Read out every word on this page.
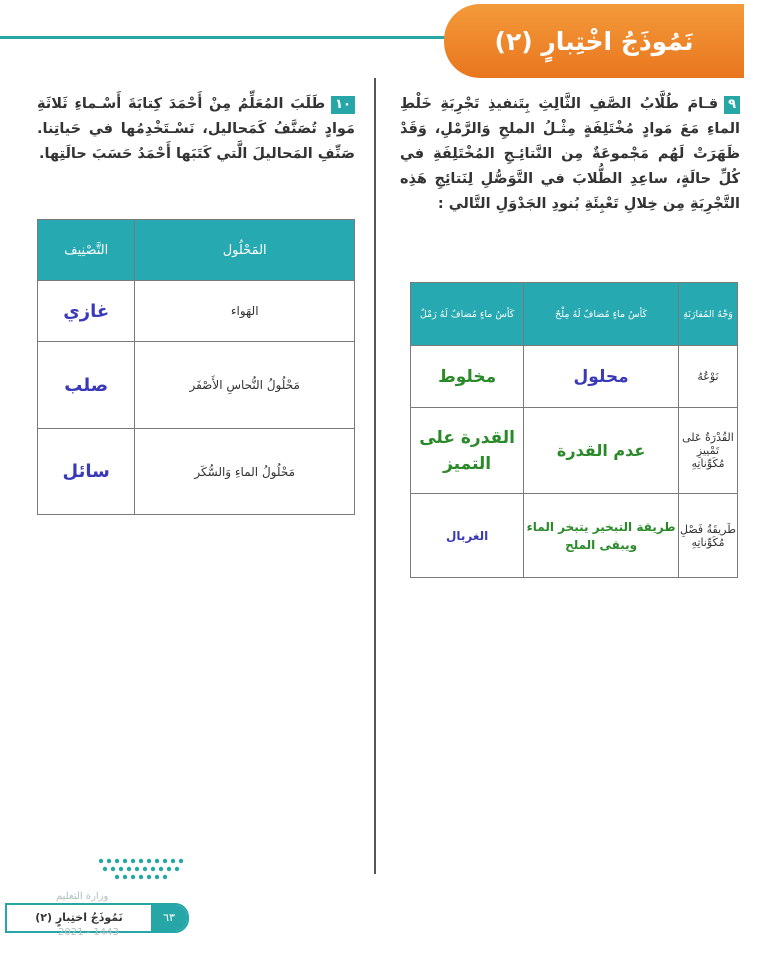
نَمُوذَجُ اخْتِبارٍ (٢)
٩قـامَ طُلَّابُ الصَّفِ الثَّالِثِ بِتَنفيذِ تَجْرِبَةِ خَلْطِ الماءِ مَعَ مَوادٍ مُخْتَلِفَةٍ مِثْـلُ الملحِ وَالرَّمْلِ، وَقَدْ ظَهَرَتْ لَهُم مَجْموعَةٌ مِن النَّتائِـجِ المُخْتَلِفَةِ في كُلِّ حالَةٍ، ساعِدِ الطُّلابَ في التَّوَصُّلِ لِنَتائِجِ هَذِه التَّجْرِبَةِ مِن خِلالِ تَعْبِئَةِ بُنودِ الجَدْوَلِ التَّالي :
وَجْهُ المُقارَنَةِ	كَأسُ ماءٍ مُضافٌ لَهُ مِلْحٌ	كَأسُ ماءٍ مُضافٌ لَهُ رَمْلٌ
نَوْعُهُ	محلول	مخلوط
القُدْرَةُ عَلى تَمْييزِ مُكَوِّناتِهِ	عدم القدرة	القدرة على التميز
طَريقَةُ فَصْلِ مُكَوِّناتِهِ	طريقة التبخير يتبخر الماء ويبقى الملح	الغربال
١٠طَلَبَ المُعَلِّمُ مِنْ أَحْمَدَ كِتابَةَ أَسْـماءِ ثَلاثَةِ مَوادٍ تُصَنَّفُ كَمَحاليل، نَسْـتَخْدِمُها في حَياتِنا. صَنِّفِ المَحاليلَ الَّتي كَتَبَها أَحْمَدُ حَسَبَ حالَتِها.
المَحْلُول	التَّصْنِيف
الهَواء	غازي
مَحْلُولُ النُّحاسِ الأَصْفَر	صلب
مَحْلُولُ الماءِ وَالسُّكَر	سائل
وزارة التعليم
نَمُوذَجُ اختِبارٍ (٢)	٦٣
2021 - 1443
